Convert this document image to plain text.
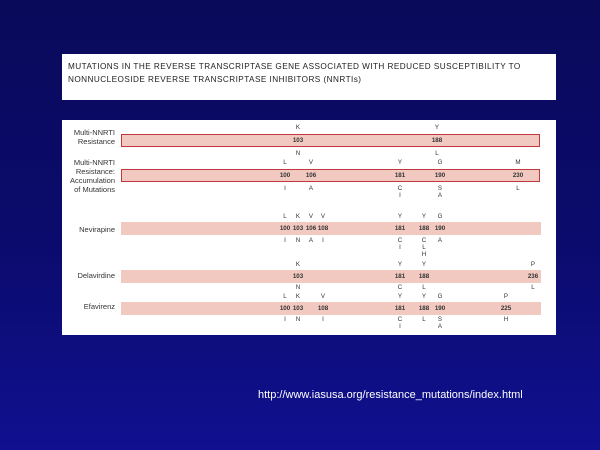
MUTATIONS IN THE REVERSE TRANSCRIPTASE GENE ASSOCIATED WITH REDUCED SUSCEPTIBILITY TO
NONNUCLEOSIDE REVERSE TRANSCRIPTASE INHIBITORS (NNRTIs)
Multi-NNRTI
Resistance
K
103
N
Y
188
L
Multi-NNRTI
Resistance:
Accumulation
of Mutations
L
100
I
V
106
A
Y
181
C
I
G
190
S
A
M
230
L
Nevirapine
L
100
I
K
103
N
V
106
A
V
108
I
Y
181
C
I
Y
188
C
L
H
G
190
A
Delavirdine
K
103
N
Y
181
C
Y
188
L
P
236
L
Efavirenz
L
100
I
K
103
N
V
108
I
Y
181
C
I
Y
188
L
G
190
S
A
P
225
H
http://www.iasusa.org/resistance_mutations/index.html
